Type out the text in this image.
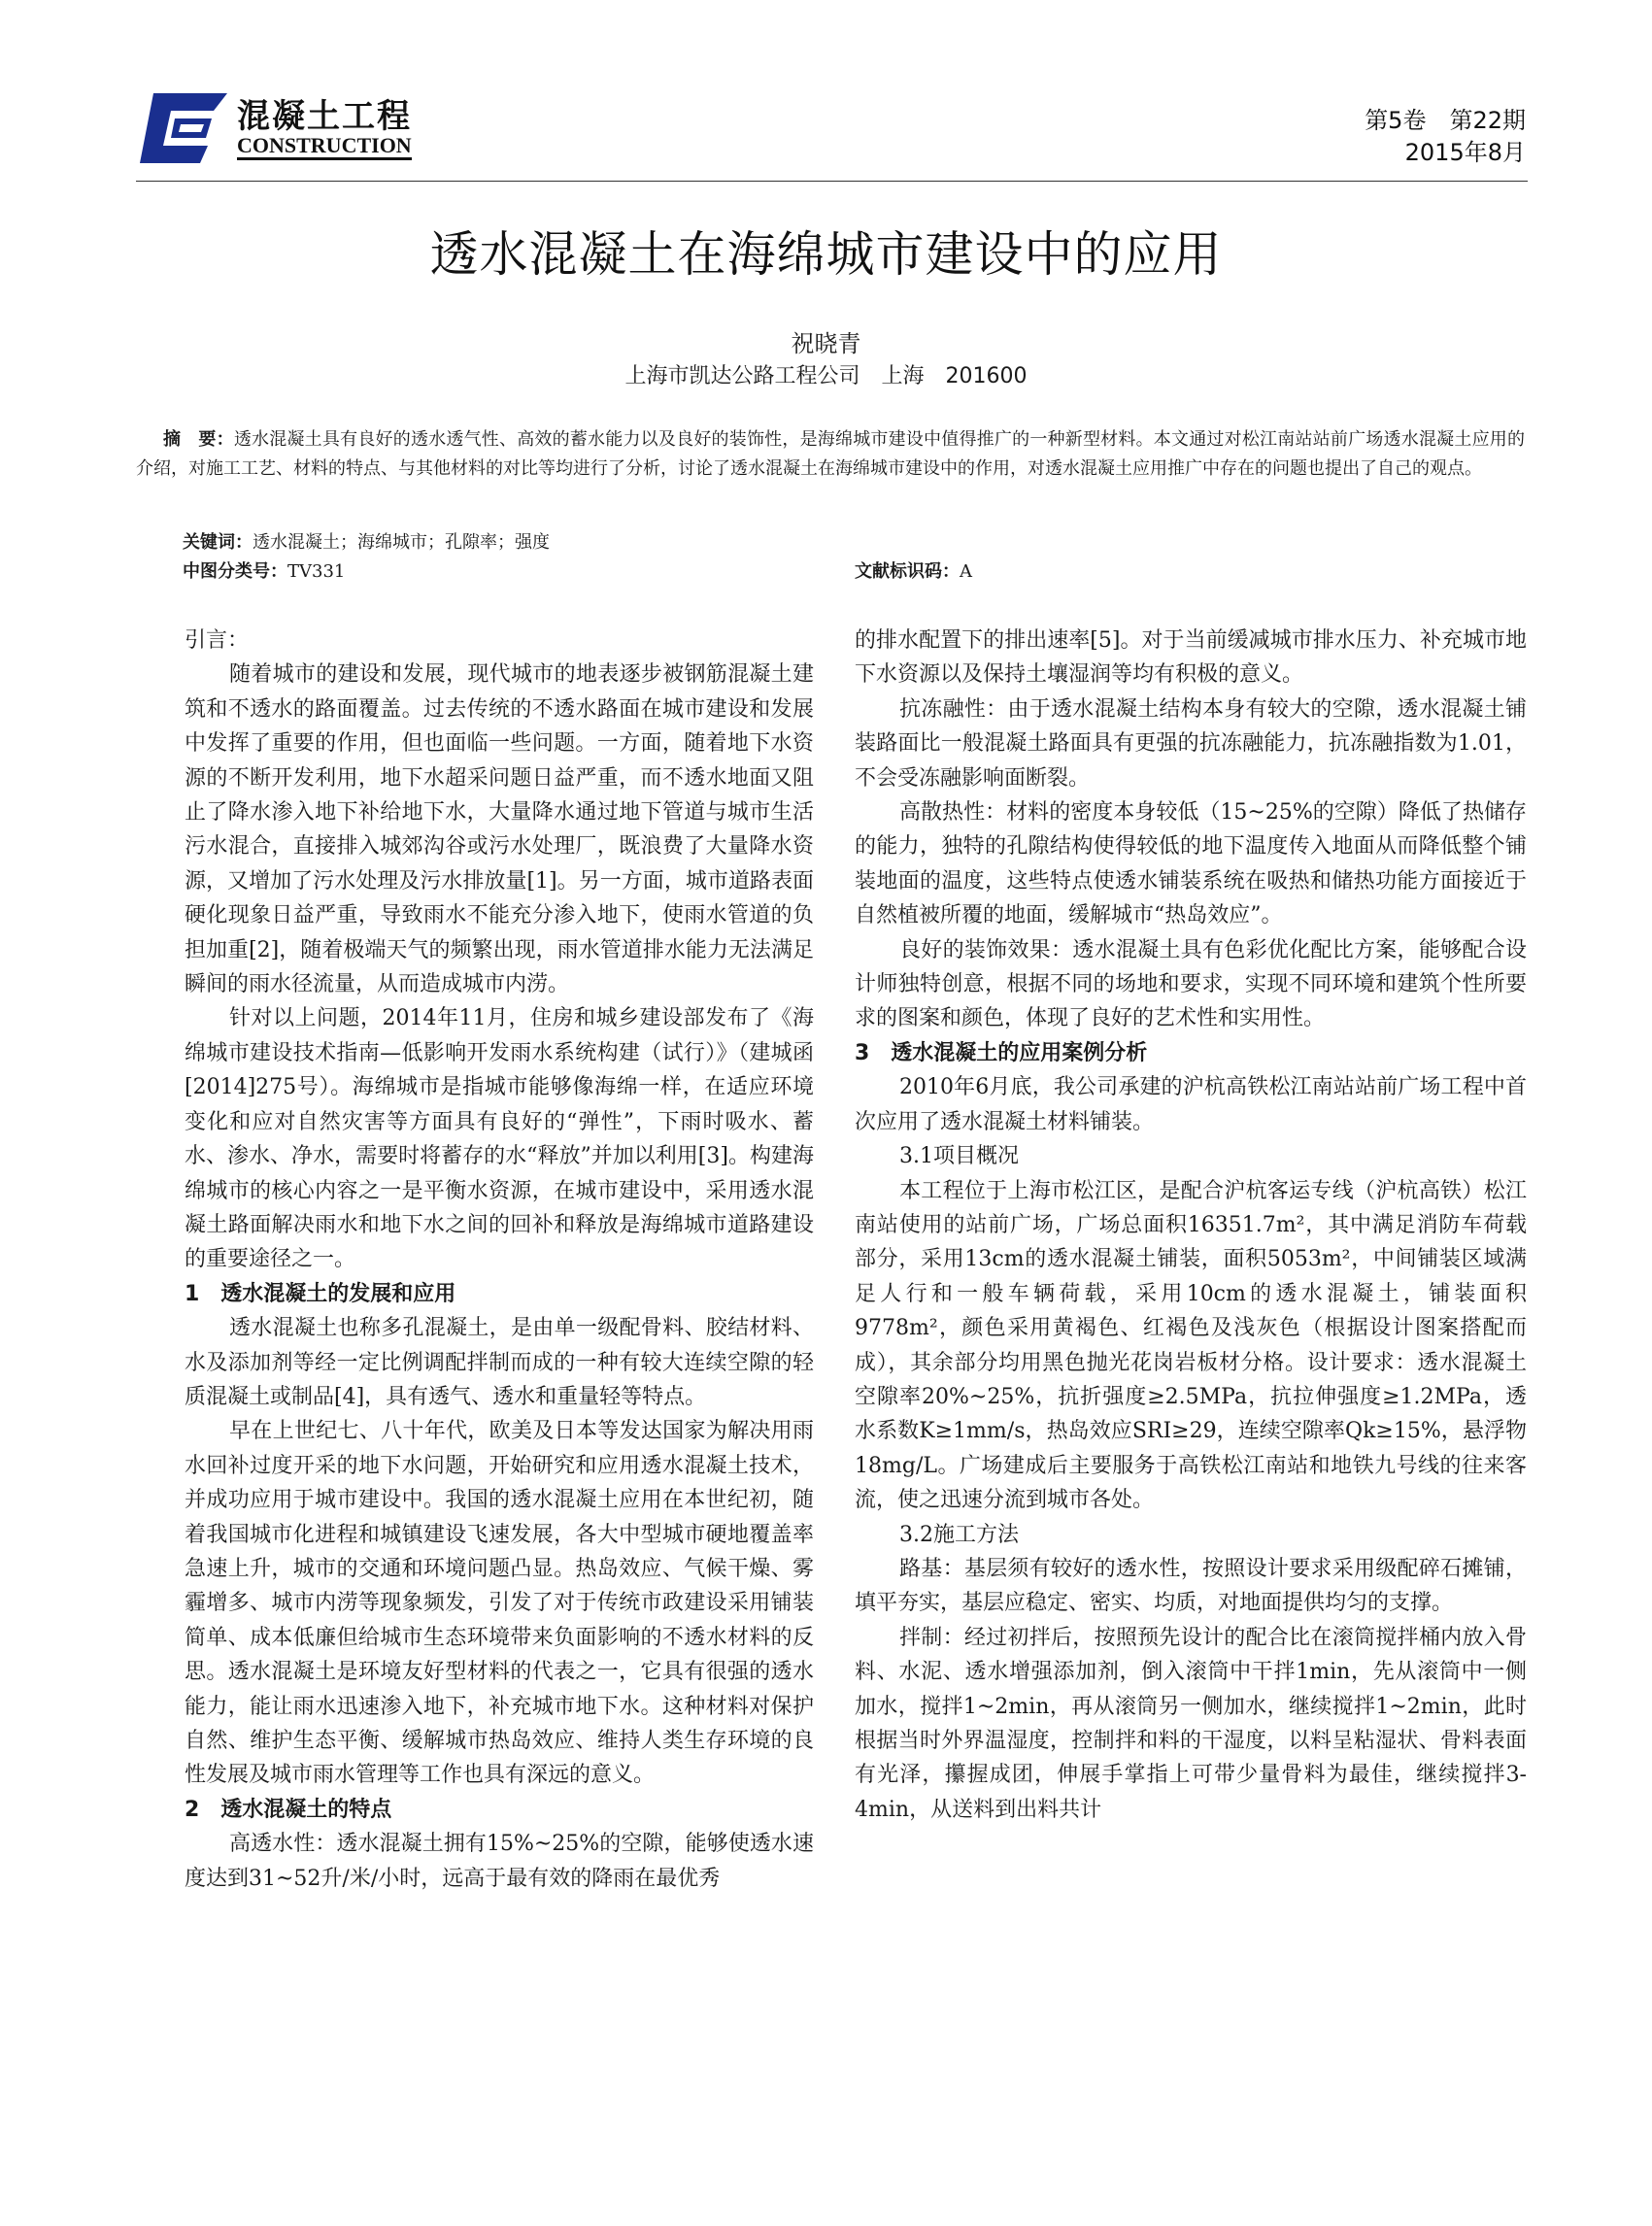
混凝土工程
CONSTRUCTION
第5卷　第22期
2015年8月
透水混凝土在海绵城市建设中的应用
祝晓青
上海市凯达公路工程公司　上海　201600
摘　要：透水混凝土具有良好的透水透气性、高效的蓄水能力以及良好的装饰性，是海绵城市建设中值得推广的一种新型材料。本文通过对松江南站站前广场透水混凝土应用的介绍，对施工工艺、材料的特点、与其他材料的对比等均进行了分析，讨论了透水混凝土在海绵城市建设中的作用，对透水混凝土应用推广中存在的问题也提出了自己的观点。
关键词：透水混凝土；海绵城市；孔隙率；强度
中图分类号：TV331	文献标识码：A

引言：

随着城市的建设和发展，现代城市的地表逐步被钢筋混凝土建筑和不透水的路面覆盖。过去传统的不透水路面在城市建设和发展中发挥了重要的作用，但也面临一些问题。一方面，随着地下水资源的不断开发利用，地下水超采问题日益严重，而不透水地面又阻止了降水渗入地下补给地下水，大量降水通过地下管道与城市生活污水混合，直接排入城郊沟谷或污水处理厂，既浪费了大量降水资源，又增加了污水处理及污水排放量[1]。另一方面，城市道路表面硬化现象日益严重，导致雨水不能充分渗入地下，使雨水管道的负担加重[2]，随着极端天气的频繁出现，雨水管道排水能力无法满足瞬间的雨水径流量，从而造成城市内涝。

针对以上问题，2014年11月，住房和城乡建设部发布了《海绵城市建设技术指南—低影响开发雨水系统构建（试行）》（建城函[2014]275号）。海绵城市是指城市能够像海绵一样，在适应环境变化和应对自然灾害等方面具有良好的“弹性”，下雨时吸水、蓄水、渗水、净水，需要时将蓄存的水“释放”并加以利用[3]。构建海绵城市的核心内容之一是平衡水资源，在城市建设中，采用透水混凝土路面解决雨水和地下水之间的回补和释放是海绵城市道路建设的重要途径之一。

1　透水混凝土的发展和应用

透水混凝土也称多孔混凝土，是由单一级配骨料、胶结材料、水及添加剂等经一定比例调配拌制而成的一种有较大连续空隙的轻质混凝土或制品[4]，具有透气、透水和重量轻等特点。

早在上世纪七、八十年代，欧美及日本等发达国家为解决用雨水回补过度开采的地下水问题，开始研究和应用透水混凝土技术，并成功应用于城市建设中。我国的透水混凝土应用在本世纪初，随着我国城市化进程和城镇建设飞速发展，各大中型城市硬地覆盖率急速上升，城市的交通和环境问题凸显。热岛效应、气候干燥、雾霾增多、城市内涝等现象频发，引发了对于传统市政建设采用铺装简单、成本低廉但给城市生态环境带来负面影响的不透水材料的反思。透水混凝土是环境友好型材料的代表之一，它具有很强的透水能力，能让雨水迅速渗入地下，补充城市地下水。这种材料对保护自然、维护生态平衡、缓解城市热岛效应、维持人类生存环境的良性发展及城市雨水管理等工作也具有深远的意义。

2　透水混凝土的特点

高透水性：透水混凝土拥有15%~25%的空隙，能够使透水速度达到31~52升/米/小时，远高于最有效的降雨在最优秀

的排水配置下的排出速率[5]。对于当前缓减城市排水压力、补充城市地下水资源以及保持土壤湿润等均有积极的意义。

抗冻融性：由于透水混凝土结构本身有较大的空隙，透水混凝土铺装路面比一般混凝土路面具有更强的抗冻融能力，抗冻融指数为1.01，不会受冻融影响面断裂。

高散热性：材料的密度本身较低（15~25%的空隙）降低了热储存的能力，独特的孔隙结构使得较低的地下温度传入地面从而降低整个铺装地面的温度，这些特点使透水铺装系统在吸热和储热功能方面接近于自然植被所覆的地面，缓解城市“热岛效应”。

良好的装饰效果：透水混凝土具有色彩优化配比方案，能够配合设计师独特创意，根据不同的场地和要求，实现不同环境和建筑个性所要求的图案和颜色，体现了良好的艺术性和实用性。

3　透水混凝土的应用案例分析

2010年6月底，我公司承建的沪杭高铁松江南站站前广场工程中首次应用了透水混凝土材料铺装。

3.1项目概况

本工程位于上海市松江区，是配合沪杭客运专线（沪杭高铁）松江南站使用的站前广场，广场总面积16351.7m²，其中满足消防车荷载部分，采用13cm的透水混凝土铺装，面积5053m²，中间铺装区域满足人行和一般车辆荷载，采用10cm的透水混凝土，铺装面积9778m²，颜色采用黄褐色、红褐色及浅灰色（根据设计图案搭配而成），其余部分均用黑色抛光花岗岩板材分格。设计要求：透水混凝土空隙率20%~25%，抗折强度≥2.5MPa，抗拉伸强度≥1.2MPa，透水系数K≥1mm/s，热岛效应SRI≥29，连续空隙率Qk≥15%，悬浮物18mg/L。广场建成后主要服务于高铁松江南站和地铁九号线的往来客流，使之迅速分流到城市各处。

3.2施工方法

路基：基层须有较好的透水性，按照设计要求采用级配碎石摊铺，填平夯实，基层应稳定、密实、均质，对地面提供均匀的支撑。

拌制：经过初拌后，按照预先设计的配合比在滚筒搅拌桶内放入骨料、水泥、透水增强添加剂，倒入滚筒中干拌1min，先从滚筒中一侧加水，搅拌1~2min，再从滚筒另一侧加水，继续搅拌1~2min，此时根据当时外界温湿度，控制拌和料的干湿度，以料呈粘湿状、骨料表面有光泽，攥握成团，伸展手掌指上可带少量骨料为最佳，继续搅拌3-4min，从送料到出料共计
